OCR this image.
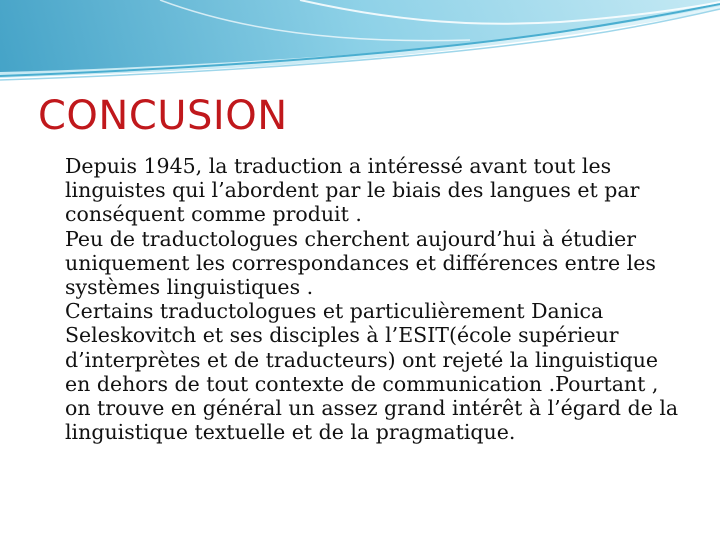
CONCUSION

Depuis 1945, la traduction a intéressé avant tout les linguistes qui l’abordent par le biais des langues et par conséquent comme produit .

Peu de traductologues cherchent aujourd’hui à étudier uniquement les correspondances et différences entre les systèmes linguistiques .

Certains traductologues et particulièrement Danica Seleskovitch et ses disciples à l’ESIT(école supérieur d’interprètes et de traducteurs) ont rejeté la linguistique en dehors de tout contexte de communication .Pourtant , on trouve en général un assez grand intérêt à l’égard de la linguistique textuelle et de la pragmatique.
